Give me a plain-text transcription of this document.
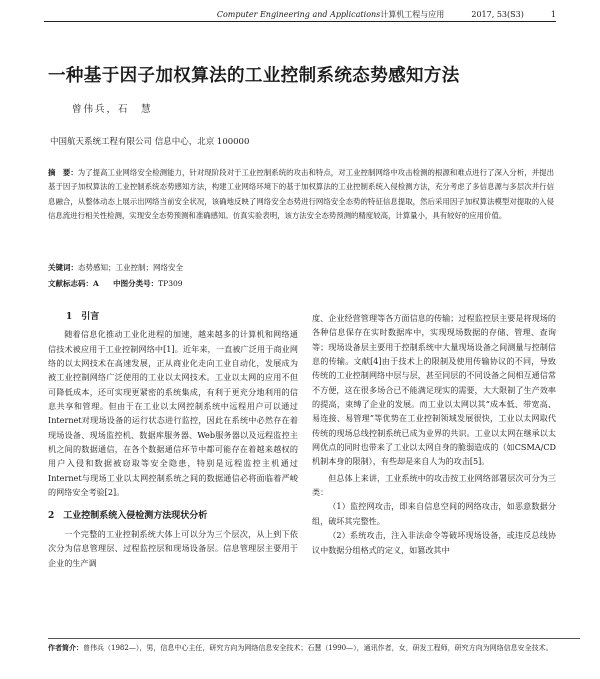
Computer Engineering and Applications计算机工程与应用	2017, 53(S3)	1
一种基于因子加权算法的工业控制系统态势感知方法
曾伟兵，石　慧
中国航天系统工程有限公司 信息中心，北京 100000
摘　要：为了提高工业网络安全检测能力，针对现阶段对于工业控制系统的攻击和特点，对工业控制网络中攻击检测的根源和难点进行了深入分析，并提出基于因子加权算法的工业控制系统态势感知方法，构建工业网络环境下的基于加权算法的工业控制系统入侵检测方法，充分考虑了多信息源与多层次并行信息融合，从整体动态上展示出网络当前安全状况，该确地反映了网络安全态势进行网络安全态势的特征信息提取，然后采用因子加权算法模型对提取的入侵信息流进行相关性检测，实现安全态势预测和准确感知。仿真实验表明，该方法安全态势预测的精度较高，计算量小，具有较好的应用价值。
关键词：态势感知；工业控制；网络安全
文献标志码：A 中图分类号：TP309
1　引言

随着信息化推动工业化进程的加速，越来越多的计算机和网络通信技术被应用于工业控制网络中[1]。近年来，一直被广泛用于商业网络的以太网技术在高速发展，正从商业化走向工业自动化，发展成为被工业控制网络广泛使用的工业以太网技术。工业以太网的应用不但可降低成本，还可实现更紧密的系统集成，有利于更充分地利用的信息共享和管理。但由于在工业以太网控制系统中远程用户可以通过Internet对现场设备的运行状态进行监控，因此在系统中必然存在着现场设备、现场监控机、数据库服务器、Web服务器以及远程监控主机之间的数据通信，在各个数据通信环节中都可能存在着越来越权的用户入侵和数据被窃取等安全隐患，特别是远程监控主机通过Internet与现场工业以太网控制系统之间的数据通信必将面临着严峻的网络安全考验[2]。

2　工业控制系统入侵检测方法现状分析

一个完整的工业控制系统大体上可以分为三个层次，从上到下依次分为信息管理层、过程监控层和现场设备层。信息管理层主要用于企业的生产调

度、企业经营管理等各方面信息的传输；过程监控层主要是将现场的各种信息保存在实时数据库中，实现现场数据的存储、管理、查询等；现场设备层主要用于控制系统中大量现场设备之间测量与控制信息的传输。文献[4]由于技术上的限制及使用传输协议的不同，导致传统的工业控制网络中层与层，甚至同层的不同设备之间相互通信常不方便，这在很多场合已不能满足现实的需要，大大限制了生产效率的提高，束缚了企业的发展。而工业以太网以其“成本低、带宽高、易连接、易管理”等优势在工业控制领域发展很快，工业以太网取代传统的现场总线控制系统已成为业界的共识。工业以太网在继承以太网优点的同时也带来了工业以太网自身的脆弱造成的（如CSMA/CD 机制本身的限制），有些却是来自人为的攻击[5]。

但总体上来讲，工业系统中的攻击按工业网络部署层次可分为三类：

（1）监控网攻击，即来自信息空间的网络攻击，如恶意数据分组，破坏其完整性。

（2）系统攻击，注入非法命令等破坏现场设备，或违反总线协议中数据分组格式的定义，如篡改其中

作者简介：曾伟兵（1982—），男，信息中心主任，研究方向为网络信息安全技术；石慧（1990—），通讯作者，女，研发工程师，研究方向为网络信息安全技术。
